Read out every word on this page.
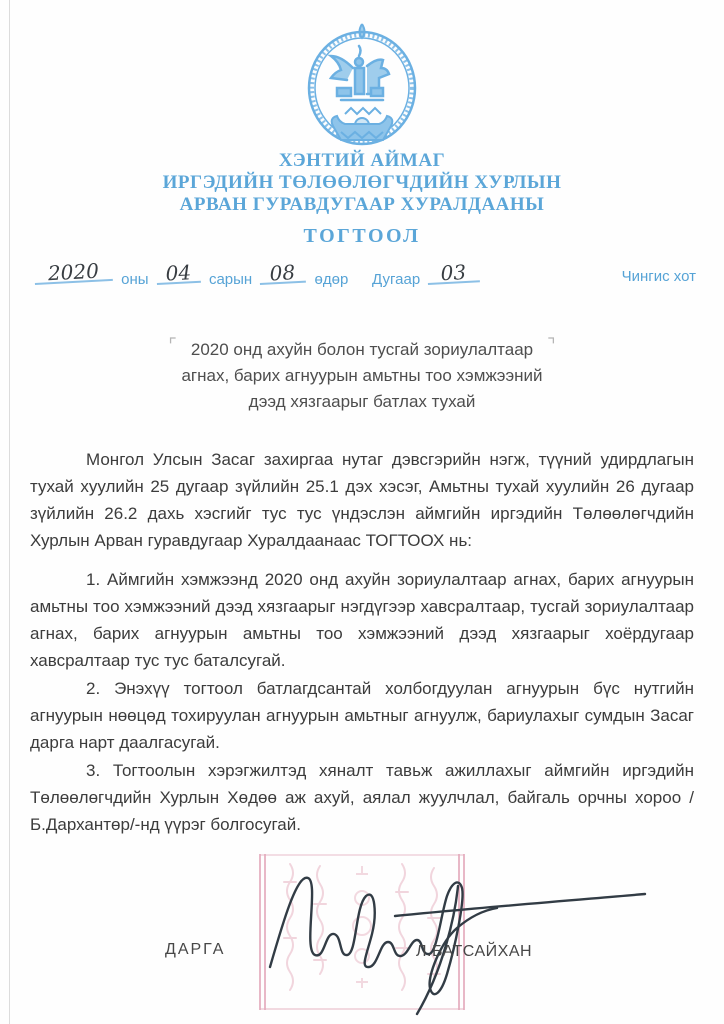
ХЭНТИЙ АЙМАГ
ИРГЭДИЙН ТӨЛӨӨЛӨГЧДИЙН ХУРЛЫН
АРВАН ГУРАВДУГААР ХУРАЛДААНЫ
ТОГТООЛ
2020 оны 04 сарын 08 өдөр Дугаар 03	Чингис хот
⌜ 2020 онд ахуйн болон тусгай зориулалтаар ⌝
агнах, барих агнуурын амьтны тоо хэмжээний
дээд хязгаарыг батлах тухай

Монгол Улсын Засаг захиргаа нутаг дэвсгэрийн нэгж, түүний удирдлагын тухай хуулийн 25 дугаар зүйлийн 25.1 дэх хэсэг, Амьтны тухай хуулийн 26 дугаар зүйлийн 26.2 дахь хэсгийг тус тус үндэслэн аймгийн иргэдийн Төлөөлөгчдийн Хурлын Арван гуравдугаар Хуралдаанаас ТОГТООХ нь:

1. Аймгийн хэмжээнд 2020 онд ахуйн зориулалтаар агнах, барих агнуурын амьтны тоо хэмжээний дээд хязгаарыг нэгдүгээр хавсралтаар, тусгай зориулалтаар агнах, барих агнуурын амьтны тоо хэмжээний дээд хязгаарыг хоёрдугаар хавсралтаар тус тус баталсугай.

2. Энэхүү тогтоол батлагдсантай холбогдуулан агнуурын бүс нутгийн агнуурын нөөцөд тохируулан агнуурын амьтныг агнуулж, бариулахыг сумдын Засаг дарга нарт даалгасугай.

3. Тогтоолын хэрэгжилтэд хяналт тавьж ажиллахыг аймгийн иргэдийн Төлөөлөгчдийн Хурлын Хөдөө аж ахуй, аялал жуулчлал, байгаль орчны хороо /Б.Дархантөр/-нд үүрэг болгосугай.

ДАРГА	Л.БАТСАЙХАН
